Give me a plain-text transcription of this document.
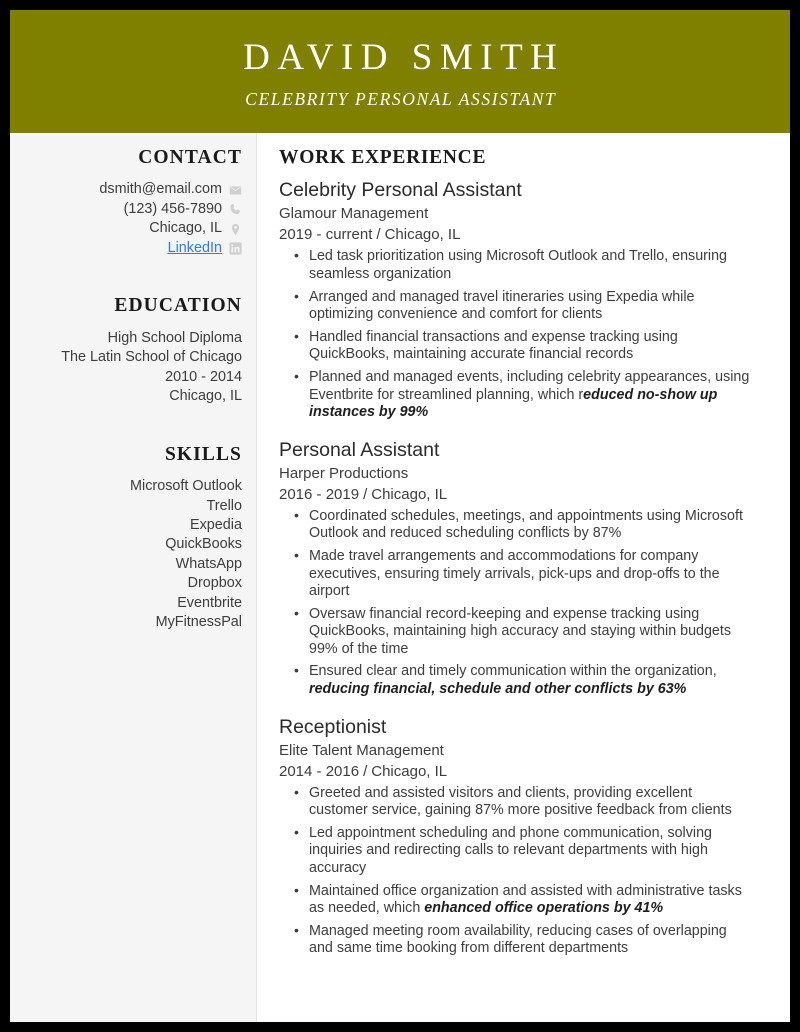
DAVID SMITH
CELEBRITY PERSONAL ASSISTANT
CONTACT
dsmith@email.com
(123) 456-7890
Chicago, IL
LinkedIn
EDUCATION
High School Diploma
The Latin School of Chicago
2010 - 2014
Chicago, IL
SKILLS
Microsoft Outlook
Trello
Expedia
QuickBooks
WhatsApp
Dropbox
Eventbrite
MyFitnessPal
WORK EXPERIENCE
Celebrity Personal Assistant
Glamour Management
2019 - current / Chicago, IL
• Led task prioritization using Microsoft Outlook and Trello, ensuring seamless organization
• Arranged and managed travel itineraries using Expedia while optimizing convenience and comfort for clients
• Handled financial transactions and expense tracking using QuickBooks, maintaining accurate financial records
• Planned and managed events, including celebrity appearances, using Eventbrite for streamlined planning, which reduced no-show up instances by 99%
Personal Assistant
Harper Productions
2016 - 2019 / Chicago, IL
• Coordinated schedules, meetings, and appointments using Microsoft Outlook and reduced scheduling conflicts by 87%
• Made travel arrangements and accommodations for company executives, ensuring timely arrivals, pick-ups and drop-offs to the airport
• Oversaw financial record-keeping and expense tracking using QuickBooks, maintaining high accuracy and staying within budgets 99% of the time
• Ensured clear and timely communication within the organization, reducing financial, schedule and other conflicts by 63%
Receptionist
Elite Talent Management
2014 - 2016 / Chicago, IL
• Greeted and assisted visitors and clients, providing excellent customer service, gaining 87% more positive feedback from clients
• Led appointment scheduling and phone communication, solving inquiries and redirecting calls to relevant departments with high accuracy
• Maintained office organization and assisted with administrative tasks as needed, which enhanced office operations by 41%
• Managed meeting room availability, reducing cases of overlapping and same time booking from different departments
